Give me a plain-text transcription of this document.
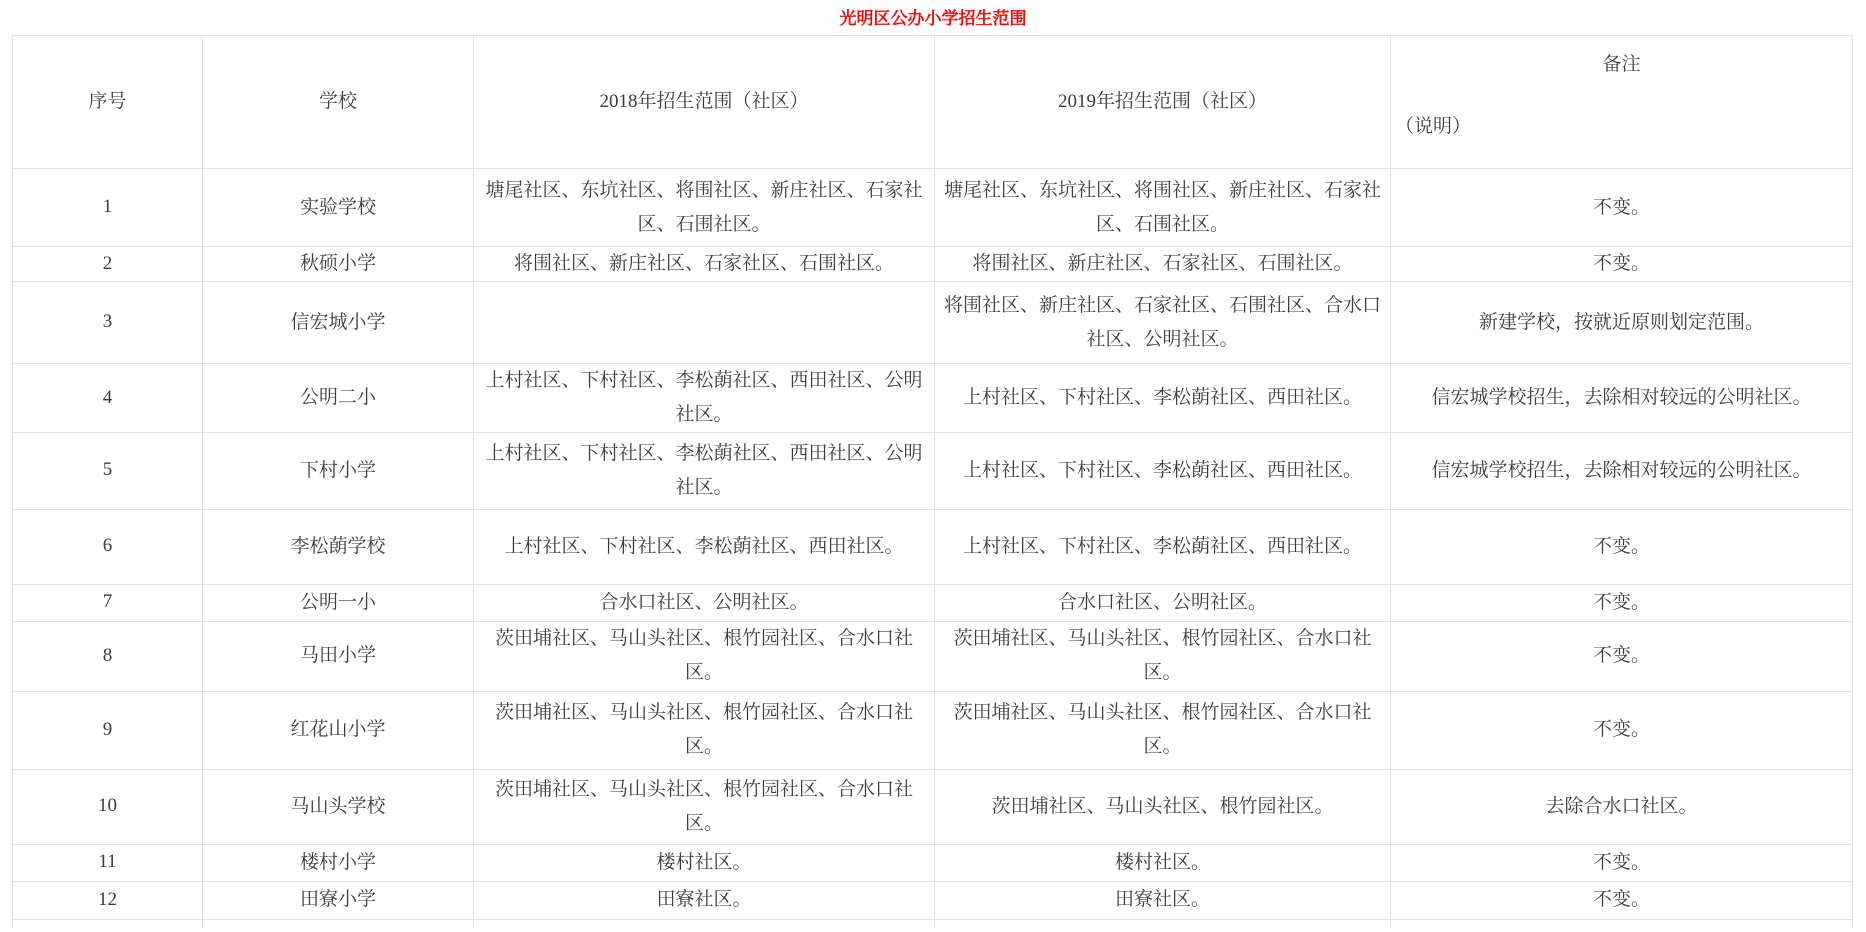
光明区公办小学招生范围
序号	学校	2018年招生范围（社区）	2019年招生范围（社区）	备注
（说明）

1	实验学校	塘尾社区、东坑社区、将围社区、新庄社区、石家社区、石围社区。	塘尾社区、东坑社区、将围社区、新庄社区、石家社区、石围社区。	不变。
2	秋硕小学	将围社区、新庄社区、石家社区、石围社区。	将围社区、新庄社区、石家社区、石围社区。	不变。
3	信宏城小学		将围社区、新庄社区、石家社区、石围社区、合水口社区、公明社区。	新建学校，按就近原则划定范围。
4	公明二小	上村社区、下村社区、李松蓢社区、西田社区、公明社区。	上村社区、下村社区、李松蓢社区、西田社区。	信宏城学校招生，去除相对较远的公明社区。
5	下村小学	上村社区、下村社区、李松蓢社区、西田社区、公明社区。	上村社区、下村社区、李松蓢社区、西田社区。	信宏城学校招生，去除相对较远的公明社区。
6	李松蓢学校	上村社区、下村社区、李松蓢社区、西田社区。	上村社区、下村社区、李松蓢社区、西田社区。	不变。
7	公明一小	合水口社区、公明社区。	合水口社区、公明社区。	不变。
8	马田小学	茨田埔社区、马山头社区、根竹园社区、合水口社区。	茨田埔社区、马山头社区、根竹园社区、合水口社区。	不变。
9	红花山小学	茨田埔社区、马山头社区、根竹园社区、合水口社区。	茨田埔社区、马山头社区、根竹园社区、合水口社区。	不变。
10	马山头学校	茨田埔社区、马山头社区、根竹园社区、合水口社区。	茨田埔社区、马山头社区、根竹园社区。	去除合水口社区。
11	楼村小学	楼村社区。	楼村社区。	不变。
12	田寮小学	田寮社区。	田寮社区。	不变。
